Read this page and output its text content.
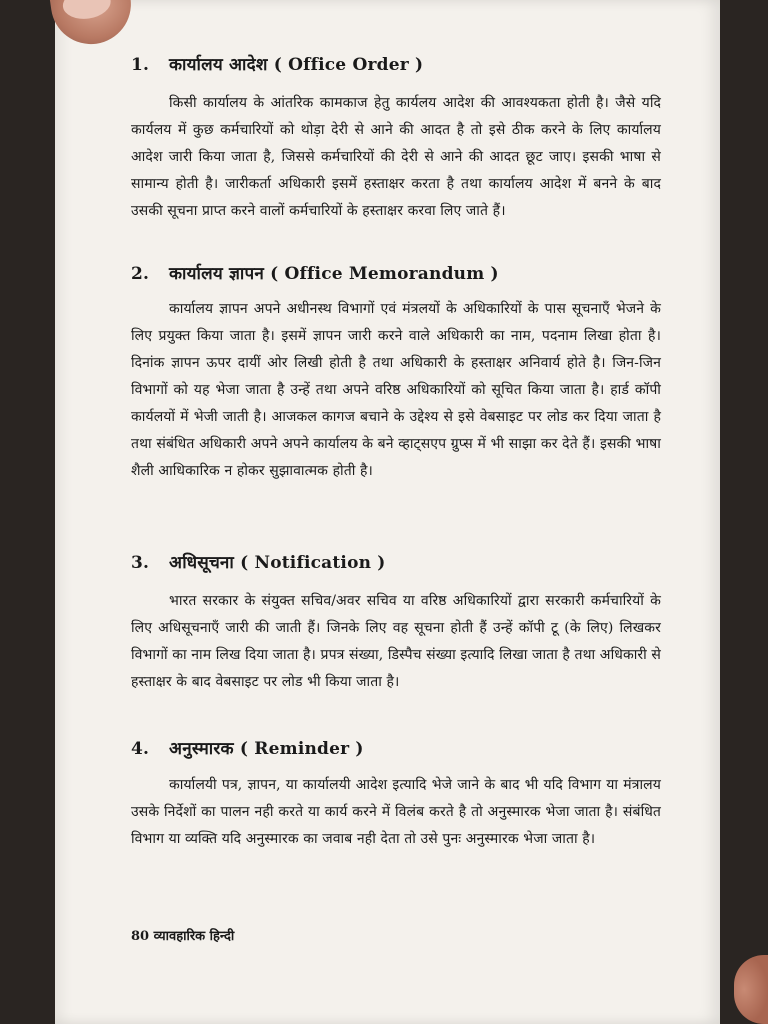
1. कार्यालय आदेश ( Office Order )

किसी कार्यालय के आंतरिक कामकाज हेतु कार्यलय आदेश की आवश्यकता होती है। जैसे यदि कार्यलय में कुछ कर्मचारियों को थोड़ा देरी से आने की आदत है तो इसे ठीक करने के लिए कार्यालय आदेश जारी किया जाता है, जिससे कर्मचारियों की देरी से आने की आदत छूट जाए। इसकी भाषा से सामान्य होती है। जारीकर्ता अधिकारी इसमें हस्ताक्षर करता है तथा कार्यालय आदेश में बनने के बाद उसकी सूचना प्राप्त करने वालों कर्मचारियों के हस्ताक्षर करवा लिए जाते हैं।

2. कार्यालय ज्ञापन ( Office Memorandum )

कार्यालय ज्ञापन अपने अधीनस्थ विभागों एवं मंत्रलयों के अधिकारियों के पास सूचनाएँ भेजने के लिए प्रयुक्त किया जाता है। इसमें ज्ञापन जारी करने वाले अधिकारी का नाम, पदनाम लिखा होता है। दिनांक ज्ञापन ऊपर दायीं ओर लिखी होती है तथा अधिकारी के हस्ताक्षर अनिवार्य होते है। जिन-जिन विभागों को यह भेजा जाता है उन्हें तथा अपने वरिष्ठ अधिकारियों को सूचित किया जाता है। हार्ड कॉपी कार्यलयों में भेजी जाती है। आजकल कागज बचाने के उद्देश्य से इसे वेबसाइट पर लोड कर दिया जाता है तथा संबंधित अधिकारी अपने अपने कार्यालय के बने व्हाट्सएप ग्रुप्स में भी साझा कर देते हैं। इसकी भाषा शैली आधिकारिक न होकर सुझावात्मक होती है।

3. अधिसूचना ( Notification )

भारत सरकार के संयुक्त सचिव/अवर सचिव या वरिष्ठ अधिकारियों द्वारा सरकारी कर्मचारियों के लिए अधिसूचनाएँ जारी की जाती हैं। जिनके लिए वह सूचना होती हैं उन्हें कॉपी टू (के लिए) लिखकर विभागों का नाम लिख दिया जाता है। प्रपत्र संख्या, डिस्पैच संख्या इत्यादि लिखा जाता है तथा अधिकारी से हस्ताक्षर के बाद वेबसाइट पर लोड भी किया जाता है।

4. अनुस्मारक ( Reminder )

कार्यालयी पत्र, ज्ञापन, या कार्यालयी आदेश इत्यादि भेजे जाने के बाद भी यदि विभाग या मंत्रालय उसके निर्देशों का पालन नही करते या कार्य करने में विलंब करते है तो अनुस्मारक भेजा जाता है। संबंधित विभाग या व्यक्ति यदि अनुस्मारक का जवाब नही देता तो उसे पुनः अनुस्मारक भेजा जाता है।

80 व्यावहारिक हिन्दी
